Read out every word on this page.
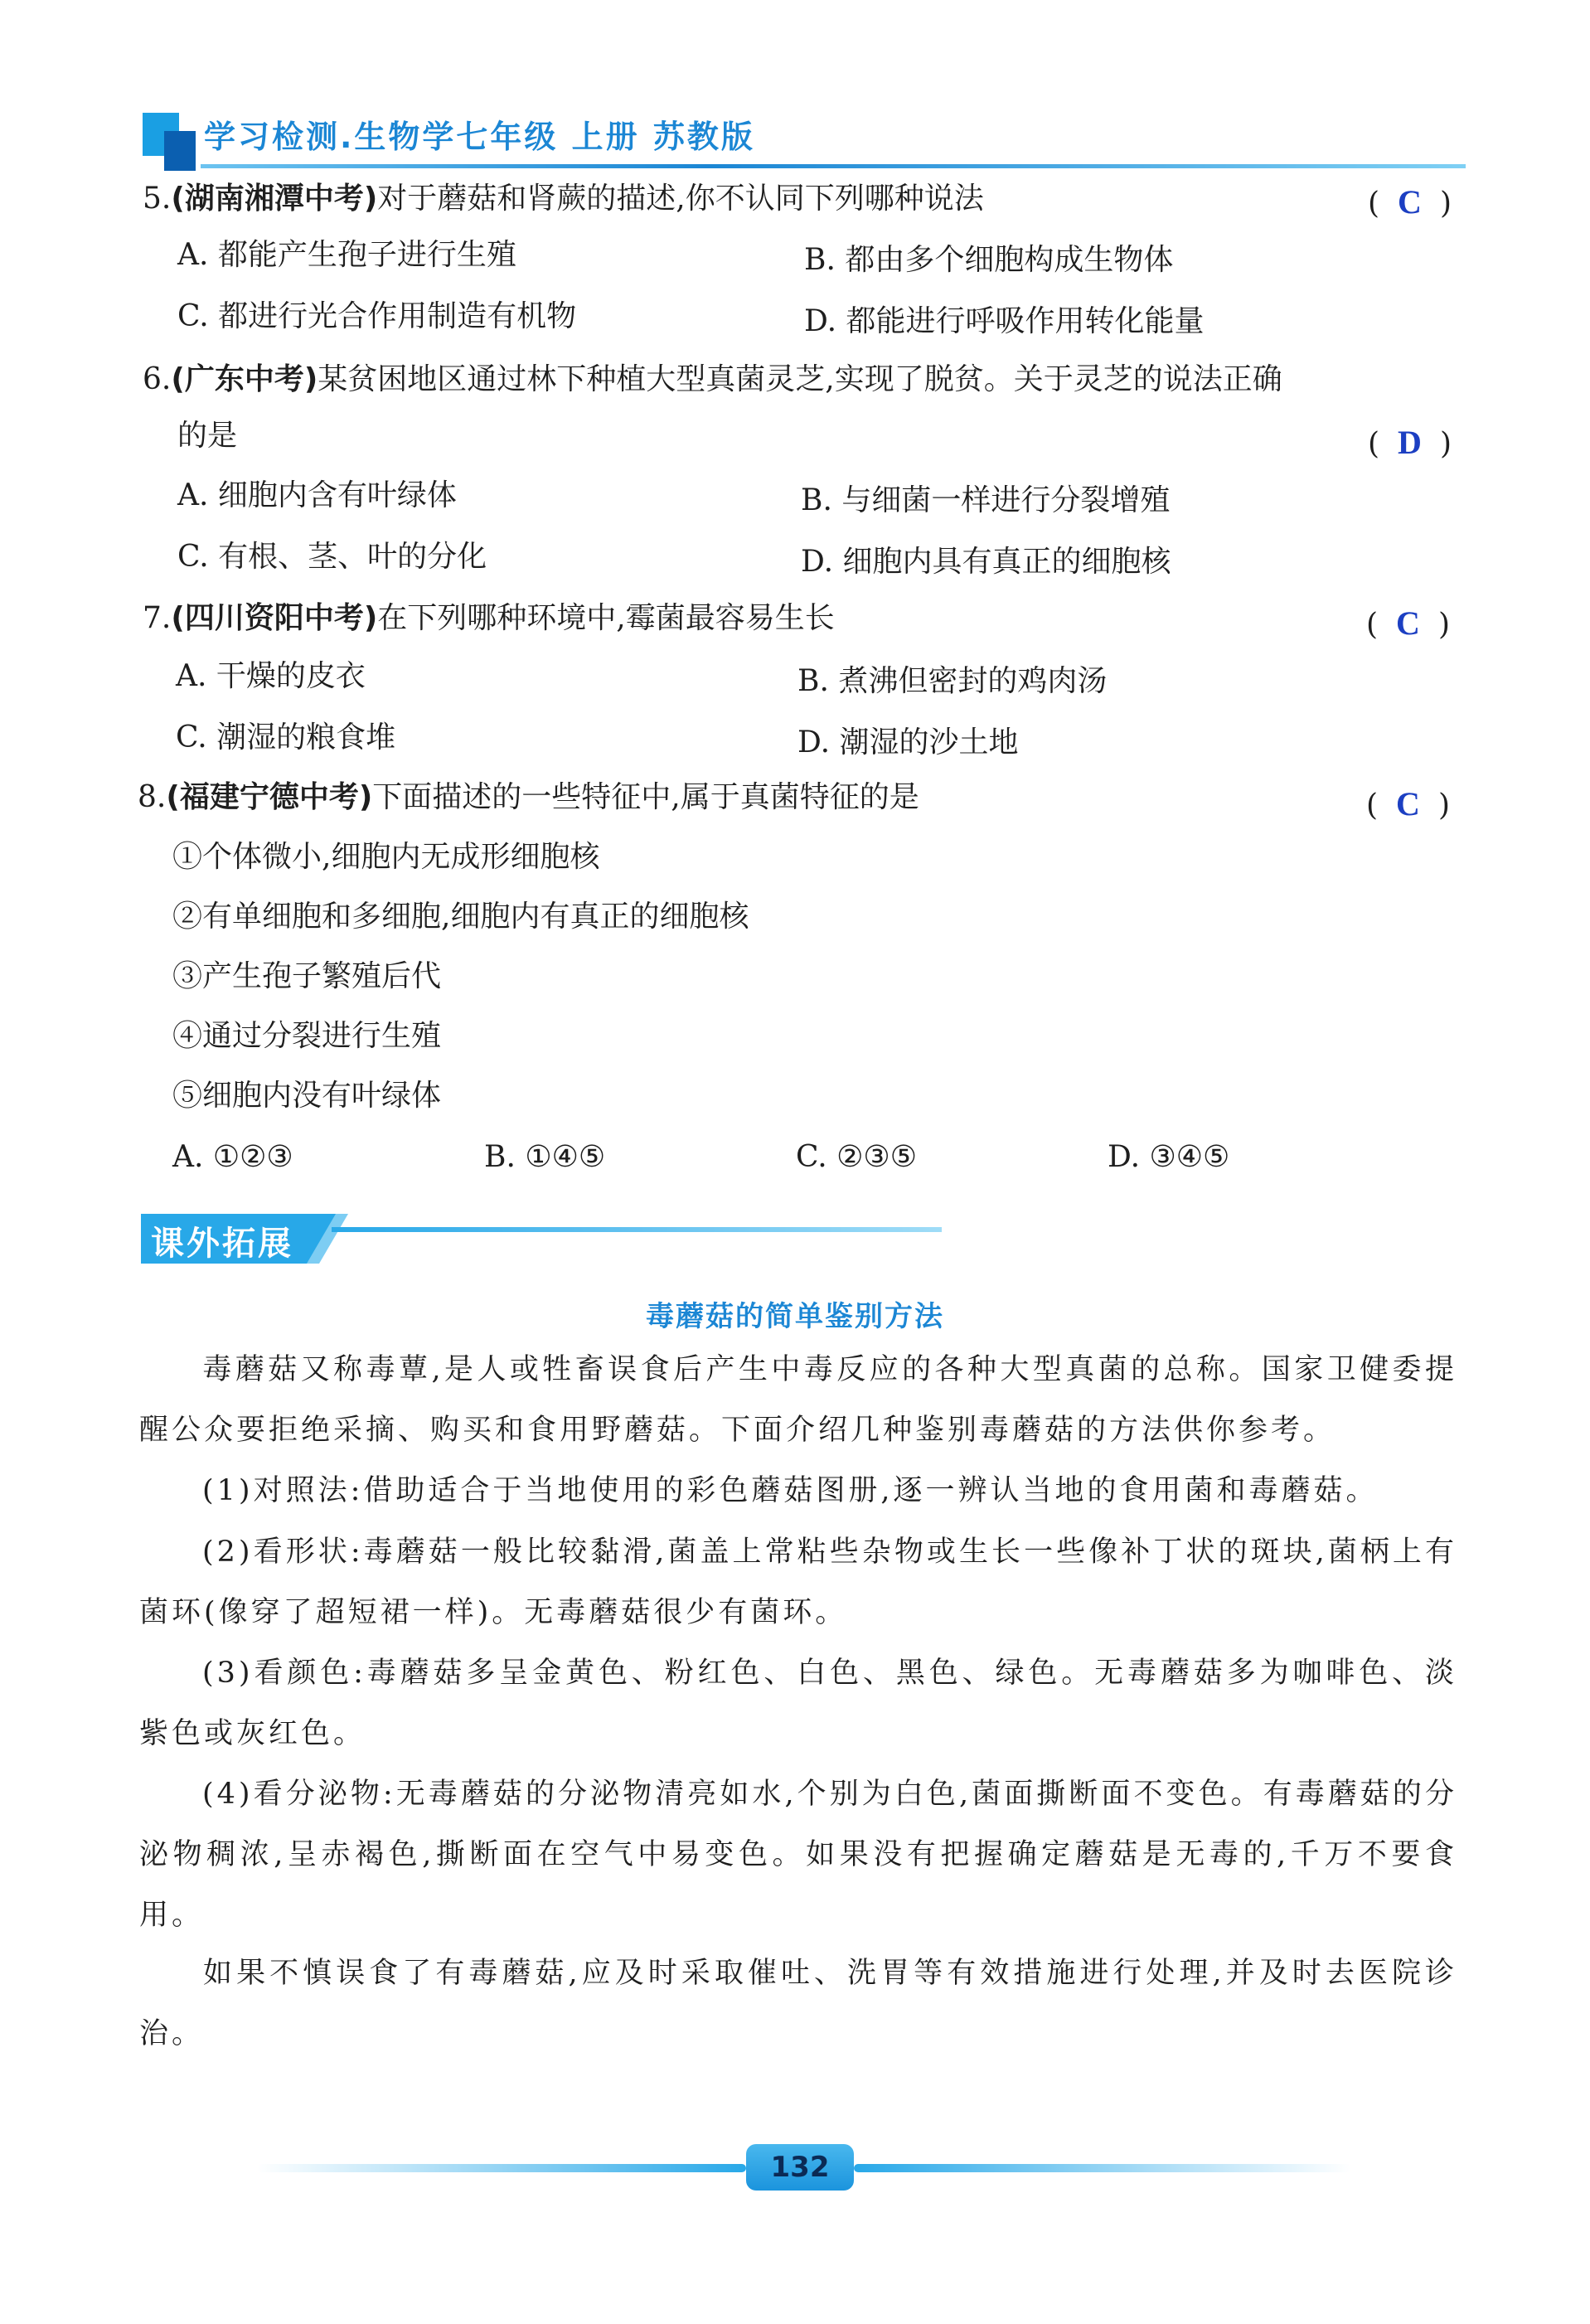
学习检测.生物学七年级 上册 苏教版
5.(湖南湘潭中考)对于蘑菇和肾蕨的描述,你不认同下列哪种说法	( C )
A. 都能产生孢子进行生殖	B. 都由多个细胞构成生物体
C. 都进行光合作用制造有机物	D. 都能进行呼吸作用转化能量
6.(广东中考)某贫困地区通过林下种植大型真菌灵芝,实现了脱贫。关于灵芝的说法正确
的是	( D )
A. 细胞内含有叶绿体	B. 与细菌一样进行分裂增殖
C. 有根、茎、叶的分化	D. 细胞内具有真正的细胞核
7.(四川资阳中考)在下列哪种环境中,霉菌最容易生长	( C )
A. 干燥的皮衣	B. 煮沸但密封的鸡肉汤
C. 潮湿的粮食堆	D. 潮湿的沙土地
8.(福建宁德中考)下面描述的一些特征中,属于真菌特征的是	( C )
①个体微小,细胞内无成形细胞核
②有单细胞和多细胞,细胞内有真正的细胞核
③产生孢子繁殖后代
④通过分裂进行生殖
⑤细胞内没有叶绿体
A. ①②③	B. ①④⑤	C. ②③⑤	D. ③④⑤
课外拓展
毒蘑菇的简单鉴别方法
毒蘑菇又称毒蕈,是人或牲畜误食后产生中毒反应的各种大型真菌的总称。国家卫健委提醒公众要拒绝采摘、购买和食用野蘑菇。下面介绍几种鉴别毒蘑菇的方法供你参考。
(1)对照法:借助适合于当地使用的彩色蘑菇图册,逐一辨认当地的食用菌和毒蘑菇。
(2)看形状:毒蘑菇一般比较黏滑,菌盖上常粘些杂物或生长一些像补丁状的斑块,菌柄上有菌环(像穿了超短裙一样)。无毒蘑菇很少有菌环。
(3)看颜色:毒蘑菇多呈金黄色、粉红色、白色、黑色、绿色。无毒蘑菇多为咖啡色、淡紫色或灰红色。
(4)看分泌物:无毒蘑菇的分泌物清亮如水,个别为白色,菌面撕断面不变色。有毒蘑菇的分泌物稠浓,呈赤褐色,撕断面在空气中易变色。如果没有把握确定蘑菇是无毒的,千万不要食用。
如果不慎误食了有毒蘑菇,应及时采取催吐、洗胃等有效措施进行处理,并及时去医院诊治。
132
